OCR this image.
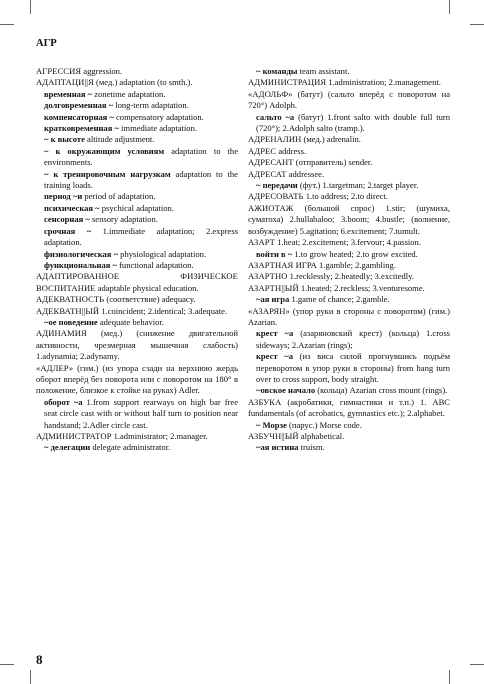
АГР

АГРЕССИЯ aggression.

АДАПТАЦИ||Я (мед.) adaptation (to smth.).

временная ~ zonetime adaptation.

долговременная ~ long-term adaptation.

компенсаторная ~ compensatory adaptation.

кратковременная ~ immediate adaptation.

~ к высоте altitude adjustment.

~ к окружающим условиям adaptation to the environments.

~ к тренировочным нагрузкам adaptation to the training loads.

период ~и period of adaptation.

психическая ~ psychical adaptation.

сенсорная ~ sensory adaptation.

срочная ~ 1.immediate adaptation; 2.express adaptation.

физиологическая ~ physiological adaptation.

функциональная ~ functional adaptation.

АДАПТИРОВАННОЕ ФИЗИЧЕСКОЕ ВОСПИТАНИЕ adaptable physical education.

АДЕКВАТНОСТЬ (соответствие) adequacy.

АДЕКВАТН||ЫЙ 1.coincident; 2.identical; 3.adequate.

~ое поведение adequate behavior.

АДИНАМИЯ (мед.) (снижение двигательной активности, чрезмерная мышечная слабость) 1.adynamia; 2.adynamy.

«АДЛЕР» (гим.) (из упора сзади на верхнюю жердь оборот вперёд без поворота или с поворотом на 180° в положение, близкое к стойке на руках) Adler.

оборот ~а 1.from support rearways on high bar free seat circle cast with or without half turn to position near handstand; 2.Adler circle cast.

АДМИНИСТРАТОР 1.administrator; 2.manager.

~ делегации delegate administrator.

~ команды team assistant.

АДМИНИСТРАЦИЯ 1.administration; 2.management.

«АДОЛЬФ» (батут) (сальто вперёд с поворотом на 720°) Adolph.

сальто ~а (батут) 1.front salto with double full turn (720°); 2.Adolph salto (tramp.).

АДРЕНАЛИН (мед.) adrenalin.

АДРЕС address.

АДРЕСАНТ (отправитель) sender.

АДРЕСАТ addressee.

~ передачи (фут.) 1.targetman; 2.target player.

АДРЕСОВАТЬ 1.to address; 2.to direct.

АЖИОТАЖ (большой спрос) 1.stir; (шумиха, суматоха) 2.hullabaloo; 3.boom; 4.bustle; (волнение, возбуждение) 5.agitation; 6.excitement; 7.tumult.

АЗАРТ 1.heat; 2.excitement; 3.fervour; 4.passion.

войти в ~ 1.to grow heated; 2.to grow excited.

АЗАРТНАЯ ИГРА 1.gamble; 2.gambling.

АЗАРТНО 1.recklessly; 2.heatedly; 3.excitedly.

АЗАРТН||ЫЙ 1.heated; 2.reckless; 3.venturesome.

~ая игра 1.game of chance; 2.gamble.

«АЗАРЯН» (упор руки в стороны с поворотом) (гим.) Azarian.

крест ~а (азаряновский крест) (кольца) 1.cross sideways; 2.Azarian (rings);

крест ~а (из виса силой прогнувшись подъём переворотом в упор руки в стороны) from hang turn over to cross support, body straight.

~овское начало (кольца) Azarian cross mount (rings).

АЗБУКА (акробатики, гимнастики и т.п.) 1. ABC fundamentals (of acrobatics, gymnastics etc.); 2.alphabet.

~ Морзе (парус.) Morse code.

АЗБУЧН||ЫЙ alphabetical.

~ая истина truism.

8
